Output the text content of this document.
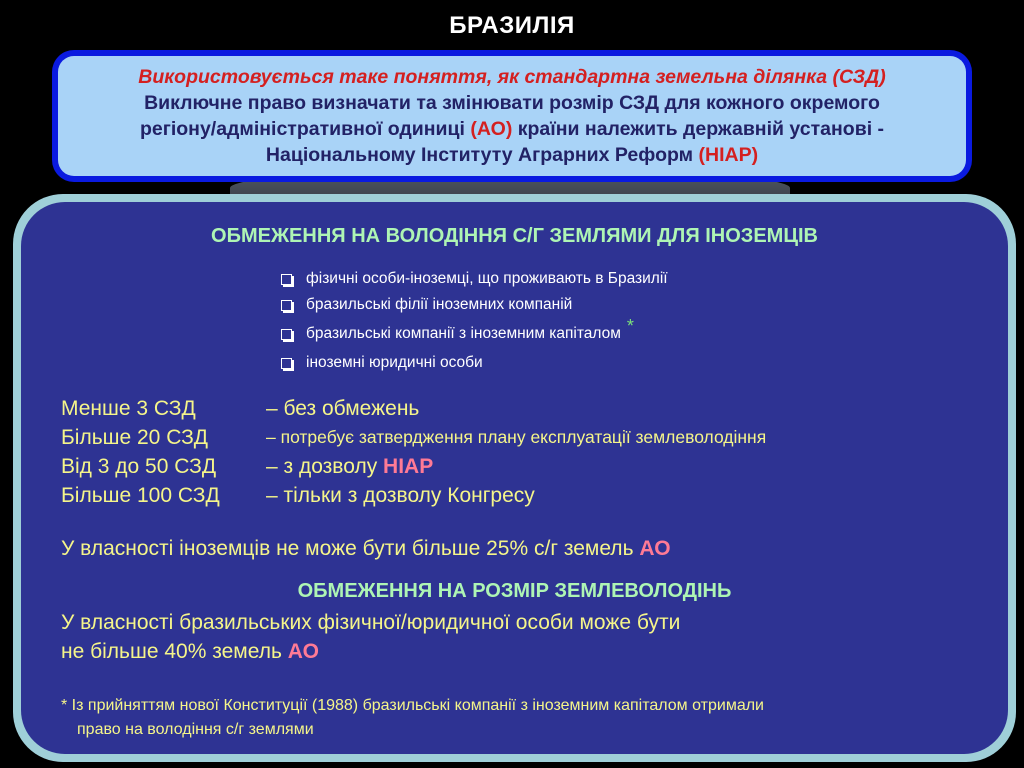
БРАЗИЛІЯ
Використовується таке поняття, як стандартна земельна ділянка (СЗД)
Виключне право визначати та змінювати розмір СЗД для кожного окремого
регіону/адміністративної одиниці (АО) країни належить державній установі -
Національному Інституту Аграрних Реформ (НІАР)
ОБМЕЖЕННЯ НА ВОЛОДІННЯ С/Г ЗЕМЛЯМИ ДЛЯ ІНОЗЕМЦІВ
фізичні особи-іноземці, що проживають в Бразилії
бразильські філії іноземних компаній
бразильські компанії з іноземним капіталом *
іноземні юридичні особи
Менше 3 СЗД	– без обмежень
Більше 20 СЗД	– потребує затвердження плану експлуатації землеволодіння
Від 3 до 50 СЗД	– з дозволу НІАР
Більше 100 СЗД	– тільки з дозволу Конгресу
У власності іноземців не може бути більше 25% с/г земель АО
ОБМЕЖЕННЯ НА РОЗМІР ЗЕМЛЕВОЛОДІНЬ
У власності бразильських фізичної/юридичної особи може бути
не більше 40% земель АО
* Із прийняттям нової Конституції (1988) бразильські компанії з іноземним капіталом отримали
право на володіння с/г землями
